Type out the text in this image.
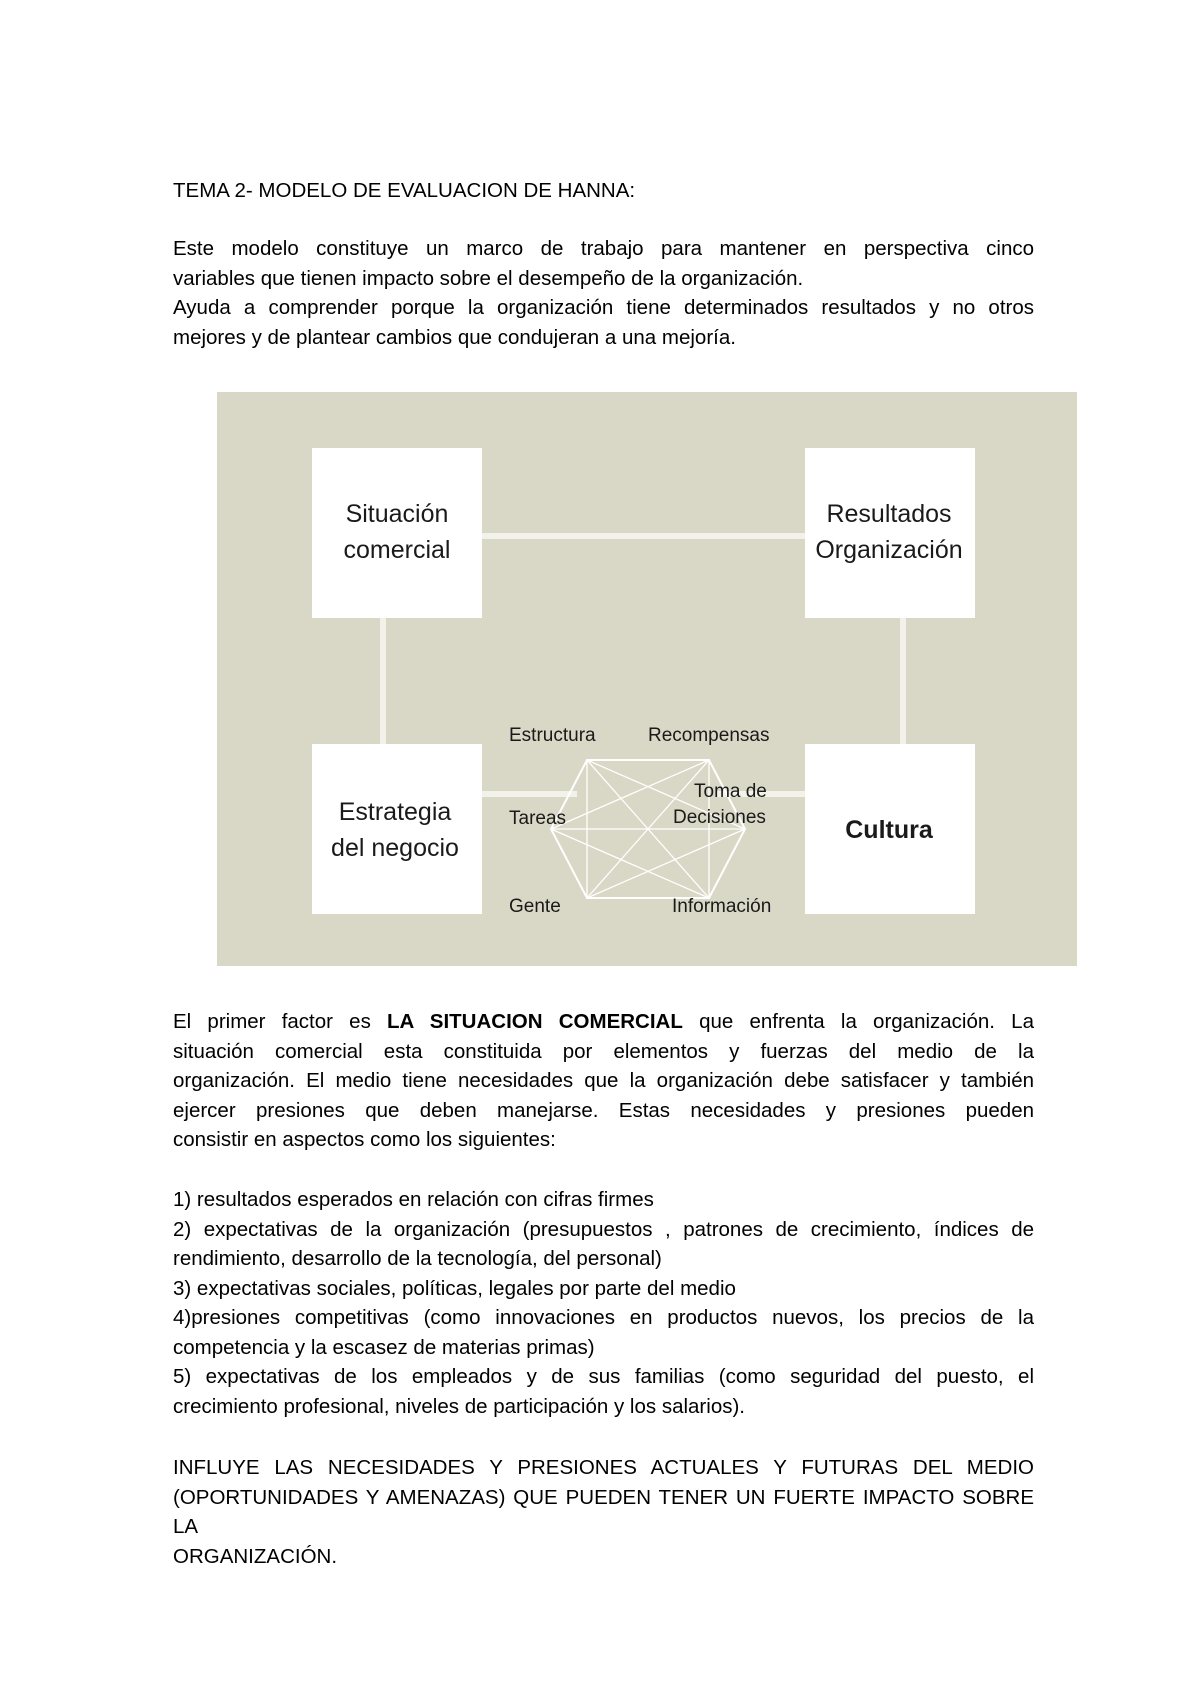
TEMA 2- MODELO DE EVALUACION DE HANNA:
Este modelo constituye un marco de trabajo para mantener en perspectiva cinco
variables que tienen impacto sobre el desempeño de la organización.
Ayuda a comprender porque la organización tiene determinados resultados y no otros
mejores y de plantear cambios que condujeran a una mejoría.
Situación
comercial
Resultados
Organización
Estrategia
del negocio
Cultura
Estructura	Recompensas
Tareas
Toma de
Decisiones
Gente	Información
El primer factor es LA SITUACION COMERCIAL que enfrenta la organización. La
situación comercial esta constituida por elementos y fuerzas del medio de la
organización. El medio tiene necesidades que la organización debe satisfacer y también
ejercer presiones que deben manejarse. Estas necesidades y presiones pueden
consistir en aspectos como los siguientes:
1) resultados esperados en relación con cifras firmes
2) expectativas de la organización (presupuestos , patrones de crecimiento, índices de
rendimiento, desarrollo de la tecnología, del personal)
3) expectativas sociales, políticas, legales por parte del medio
4)presiones competitivas (como innovaciones en productos nuevos, los precios de la
competencia y la escasez de materias primas)
5) expectativas de los empleados y de sus familias (como seguridad del puesto, el
crecimiento profesional, niveles de participación y los salarios).
INFLUYE LAS NECESIDADES Y PRESIONES ACTUALES Y FUTURAS DEL MEDIO
(OPORTUNIDADES Y AMENAZAS) QUE PUEDEN TENER UN FUERTE IMPACTO SOBRE LA
ORGANIZACIÓN.
